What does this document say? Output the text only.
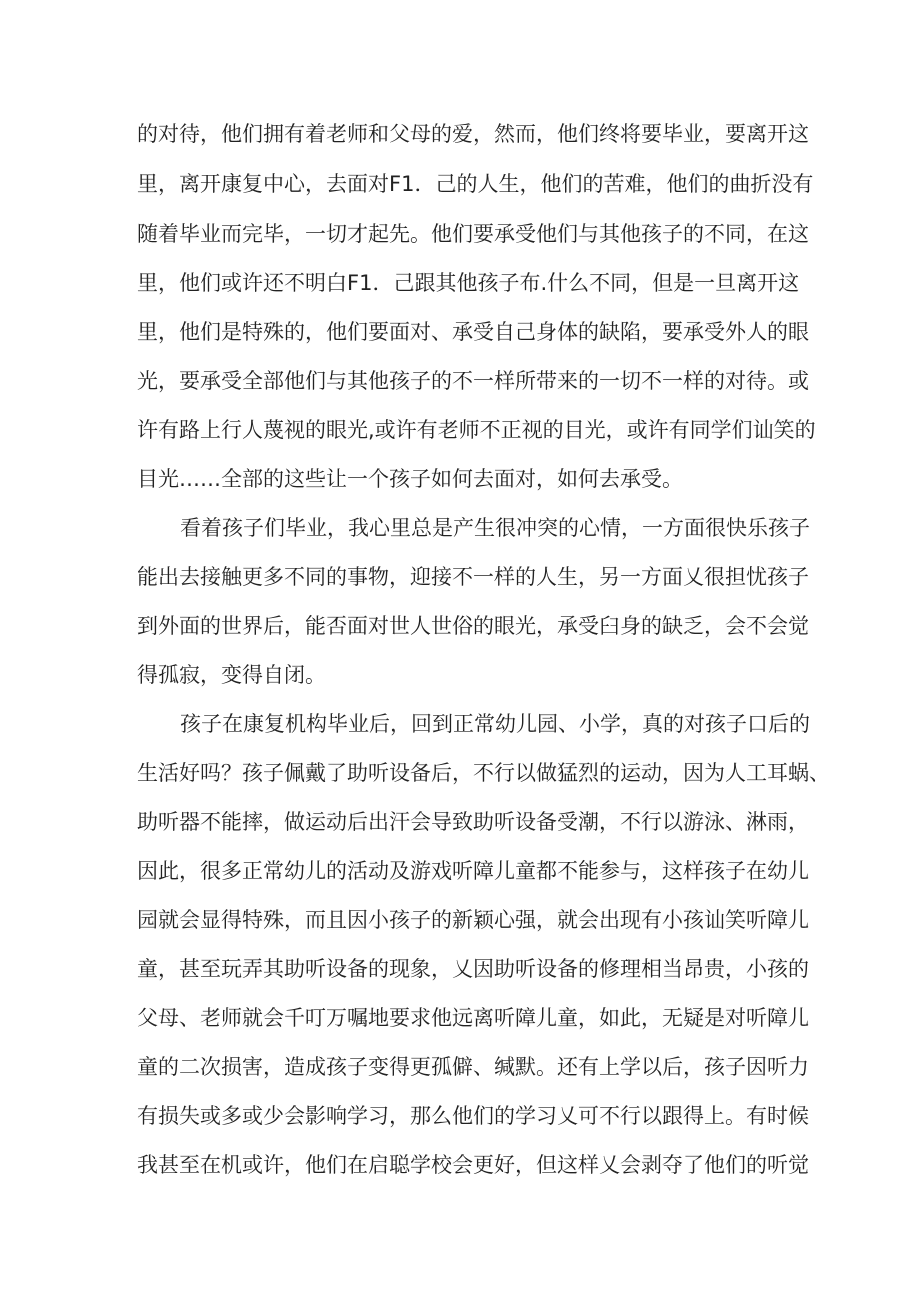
的对待，他们拥有着老师和父母的爱，然而，他们终将要毕业，要离开这
里，离开康复中心，去面对F1．己的人生，他们的苦难，他们的曲折没有
随着毕业而完毕，一切才起先。他们要承受他们与其他孩子的不同，在这
里，他们或许还不明白F1．己跟其他孩子布.什么不同，但是一旦离开这
里，他们是特殊的，他们要面对、承受自己身体的缺陷，要承受外人的眼
光，要承受全部他们与其他孩子的不一样所带来的一切不一样的对待。或
许有路上行人蔑视的眼光,或许有老师不正视的目光，或许有同学们讪笑的
目光……全部的这些让一个孩子如何去面对，如何去承受。
看着孩子们毕业，我心里总是产生很冲突的心情，一方面很快乐孩子
能出去接触更多不同的事物，迎接不一样的人生，另一方面乂很担忧孩子
到外面的世界后，能否面对世人世俗的眼光，承受臼身的缺乏，会不会觉
得孤寂，变得自闭。
孩子在康复机构毕业后，回到正常幼儿园、小学，真的对孩子口后的
生活好吗？孩子佩戴了助听设备后，不行以做猛烈的运动，因为人工耳蜗、
助听器不能摔，做运动后出汗会导致助听设备受潮，不行以游泳、淋雨，
因此，很多正常幼儿的活动及游戏听障儿童都不能参与，这样孩子在幼儿
园就会显得特殊，而且因小孩子的新颖心强，就会出现有小孩讪笑听障儿
童，甚至玩弄其助听设备的现象，乂因助听设备的修理相当昂贵，小孩的
父母、老师就会千叮万嘱地要求他远离听障儿童，如此，无疑是对听障儿
童的二次损害，造成孩子变得更孤僻、缄默。还有上学以后，孩子因听力
有损失或多或少会影响学习，那么他们的学习乂可不行以跟得上。有时候
我甚至在机或许，他们在启聪学校会更好，但这样乂会剥夺了他们的听觉
